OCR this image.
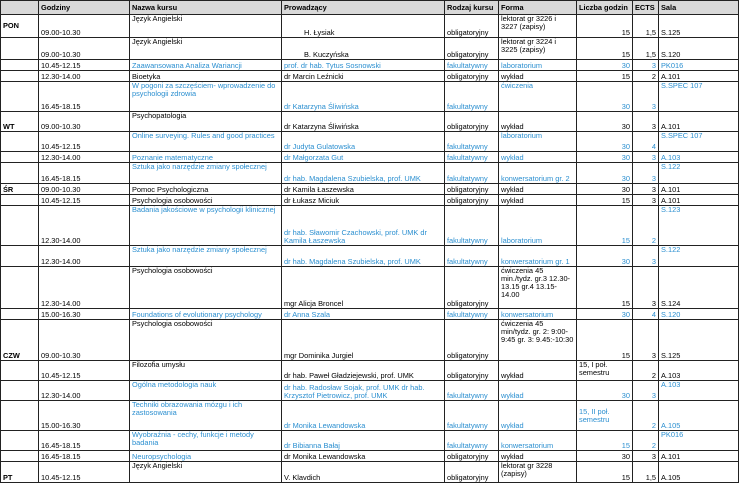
	Godziny	Nazwa kursu	Prowadzący	Rodzaj kursu	Forma	Liczba godzin	ECTS	Sala
PON	09.00-10.30	Język Angielski	H. Łysiak	obligatoryjny	lektorat gr 3226 i 3227 (zapisy)	15	1,5	S.125
	09.00-10.30	Język Angielski	B. Kuczyńska	obligatoryjny	lektorat gr 3224 i 3225 (zapisy)	15	1,5	S.120
	10.45-12.15	Zaawansowana Analiza Wariancji	prof. dr hab. Tytus Sosnowski	fakultatywny	laboratorium	30	3	PK016
	12.30-14.00	Bioetyka	dr Marcin Leźnicki	obligatoryjny	wykład	15	2	A.101
	16.45-18.15	W pogoni za szczęściem- wprowadzenie do psychologii zdrowia	dr Katarzyna Śliwińska	fakultatywny	ćwiczenia	30	3	S.SPEC 107
WT	09.00-10.30	Psychopatologia	dr Katarzyna Śliwińska	obligatoryjny	wykład	30	3	A.101
	10.45-12.15	Online surveying. Rules and good practices	dr Judyta Gulatowska	fakultatywny	laboratorium	30	4	S.SPEC 107
	12.30-14.00	Poznanie matematyczne	dr Małgorzata Gut	fakultatywny	wykład	30	3	A.103
	16.45-18.15	Sztuka jako narzędzie zmiany społecznej	dr hab. Magdalena Szubielska, prof. UMK	fakultatywny	konwersatorium gr. 2	30	3	S.122
ŚR	09.00-10.30	Pomoc Psychologiczna	dr Kamila Łaszewska	obligatoryjny	wykład	30	3	A.101
	10.45-12.15	Psychologia osobowości	dr Łukasz Miciuk	obligatoryjny	wykład	15	3	A.101
	12.30-14.00	Badania jakościowe w psychologii klinicznej	dr hab. Sławomir Czachowski, prof. UMK dr Kamila Łaszewska	fakultatywny	laboratorium	15	2	S.123
	12.30-14.00	Sztuka jako narzędzie zmiany społecznej	dr hab. Magdalena Szubielska, prof. UMK	fakultatywny	konwersatorium gr. 1	30	3	S.122
	12.30-14.00	Psychologia osobowości	mgr Alicja Broncel	obligatoryjny	ćwiczenia 45 min./tydz. gr.3 12.30-13.15 gr.4 13.15-14.00	15	3	S.124
	15.00-16.30	Foundations of evolutionary psychology	dr Anna Szala	fakultatywny	konwersatorium	30	4	S.120
CZW	09.00-10.30	Psychologia osobowości	mgr Dominika Jurgiel	obligatoryjny	ćwiczenia 45 min/tydz. gr. 2: 9:00-9:45 gr. 3: 9.45:-10:30	15	3	S.125
	10.45-12.15	Filozofia umysłu	dr hab. Paweł Gładziejewski, prof. UMK	obligatoryjny	wykład	15, I poł. semestru	2	A.103
	12.30-14.00	Ogólna metodologia nauk	dr hab. Radosław Sojak, prof. UMK dr hab. Krzysztof Pietrowicz, prof. UMK	fakultatywny	wykład	30	3	A.103
	15.00-16.30	Techniki obrazowania mózgu i ich zastosowania	dr Monika Lewandowska	fakultatywny	wykład	15, II poł. semestru	2	A.105
	16.45-18.15	Wyobraźnia - cechy, funkcje i metody badania	dr Bibianna Bałaj	fakultatywny	konwersatorium	15	2	PK016
	16.45-18.15	Neuropsychologia	dr Monika Lewandowska	obligatoryjny	wykład	30	3	A.101
PT	10.45-12.15	Język Angielski	V. Klavdich	obligatoryjny	lektorat gr 3228 (zapisy)	15	1,5	A.105
